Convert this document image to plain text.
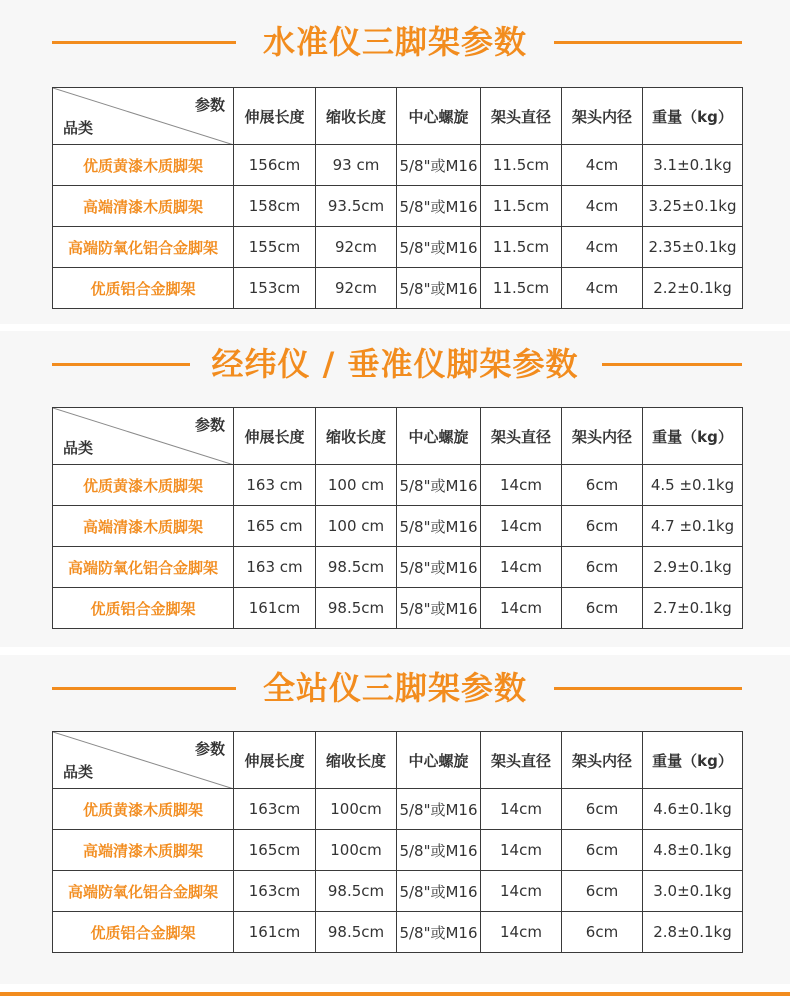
水准仪三脚架参数
参数
品类	伸展长度	缩收长度	中心螺旋	架头直径	架头内径	重量（kg）
优质黄漆木质脚架	156cm	93 cm	5/8"或M16	11.5cm	4cm	3.1±0.1kg
高端清漆木质脚架	158cm	93.5cm	5/8"或M16	11.5cm	4cm	3.25±0.1kg
高端防氧化铝合金脚架	155cm	92cm	5/8"或M16	11.5cm	4cm	2.35±0.1kg
优质铝合金脚架	153cm	92cm	5/8"或M16	11.5cm	4cm	2.2±0.1kg
经纬仪 / 垂准仪脚架参数
参数
品类	伸展长度	缩收长度	中心螺旋	架头直径	架头内径	重量（kg）
优质黄漆木质脚架	163 cm	100 cm	5/8"或M16	14cm	6cm	4.5 ±0.1kg
高端清漆木质脚架	165 cm	100 cm	5/8"或M16	14cm	6cm	4.7 ±0.1kg
高端防氧化铝合金脚架	163 cm	98.5cm	5/8"或M16	14cm	6cm	2.9±0.1kg
优质铝合金脚架	161cm	98.5cm	5/8"或M16	14cm	6cm	2.7±0.1kg
全站仪三脚架参数
参数
品类	伸展长度	缩收长度	中心螺旋	架头直径	架头内径	重量（kg）
优质黄漆木质脚架	163cm	100cm	5/8"或M16	14cm	6cm	4.6±0.1kg
高端清漆木质脚架	165cm	100cm	5/8"或M16	14cm	6cm	4.8±0.1kg
高端防氧化铝合金脚架	163cm	98.5cm	5/8"或M16	14cm	6cm	3.0±0.1kg
优质铝合金脚架	161cm	98.5cm	5/8"或M16	14cm	6cm	2.8±0.1kg
